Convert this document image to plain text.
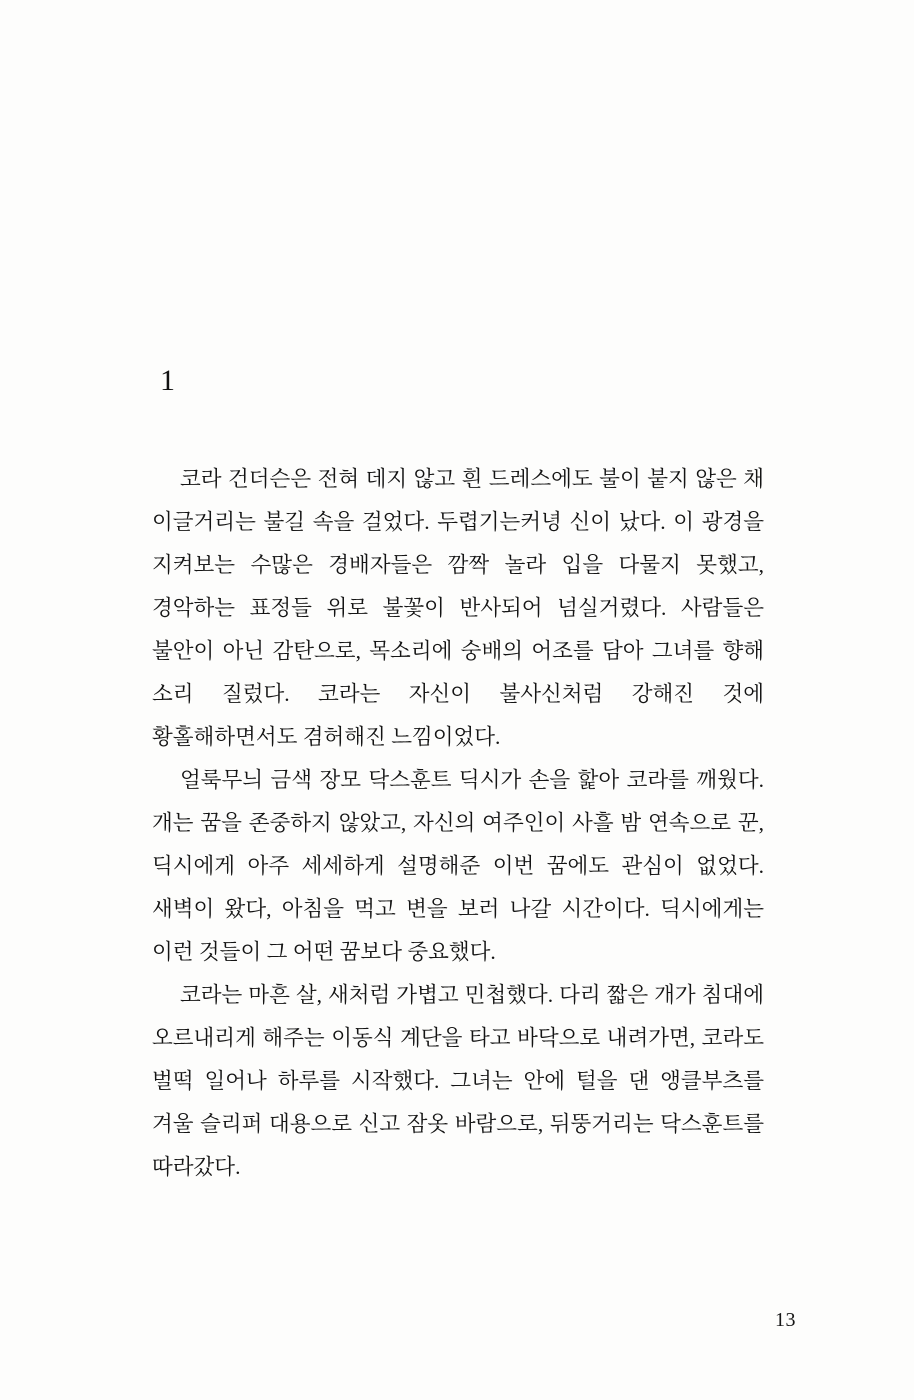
1

코라 건더슨은 전혀 데지 않고 흰 드레스에도 불이 붙지 않은 채 이글거리는 불길 속을 걸었다. 두렵기는커녕 신이 났다. 이 광경을 지켜보는 수많은 경배자들은 깜짝 놀라 입을 다물지 못했고, 경악하는 표정들 위로 불꽃이 반사되어 넘실거렸다. 사람들은 불안이 아닌 감탄으로, 목소리에 숭배의 어조를 담아 그녀를 향해 소리 질렀다. 코라는 자신이 불사신처럼 강해진 것에 황홀해하면서도 겸허해진 느낌이었다.

얼룩무늬 금색 장모 닥스훈트 딕시가 손을 핥아 코라를 깨웠다. 개는 꿈을 존중하지 않았고, 자신의 여주인이 사흘 밤 연속으로 꾼, 딕시에게 아주 세세하게 설명해준 이번 꿈에도 관심이 없었다. 새벽이 왔다, 아침을 먹고 변을 보러 나갈 시간이다. 딕시에게는 이런 것들이 그 어떤 꿈보다 중요했다.

코라는 마흔 살, 새처럼 가볍고 민첩했다. 다리 짧은 개가 침대에 오르내리게 해주는 이동식 계단을 타고 바닥으로 내려가면, 코라도 벌떡 일어나 하루를 시작했다. 그녀는 안에 털을 댄 앵클부츠를 겨울 슬리퍼 대용으로 신고 잠옷 바람으로, 뒤뚱거리는 닥스훈트를 따라갔다.

13
